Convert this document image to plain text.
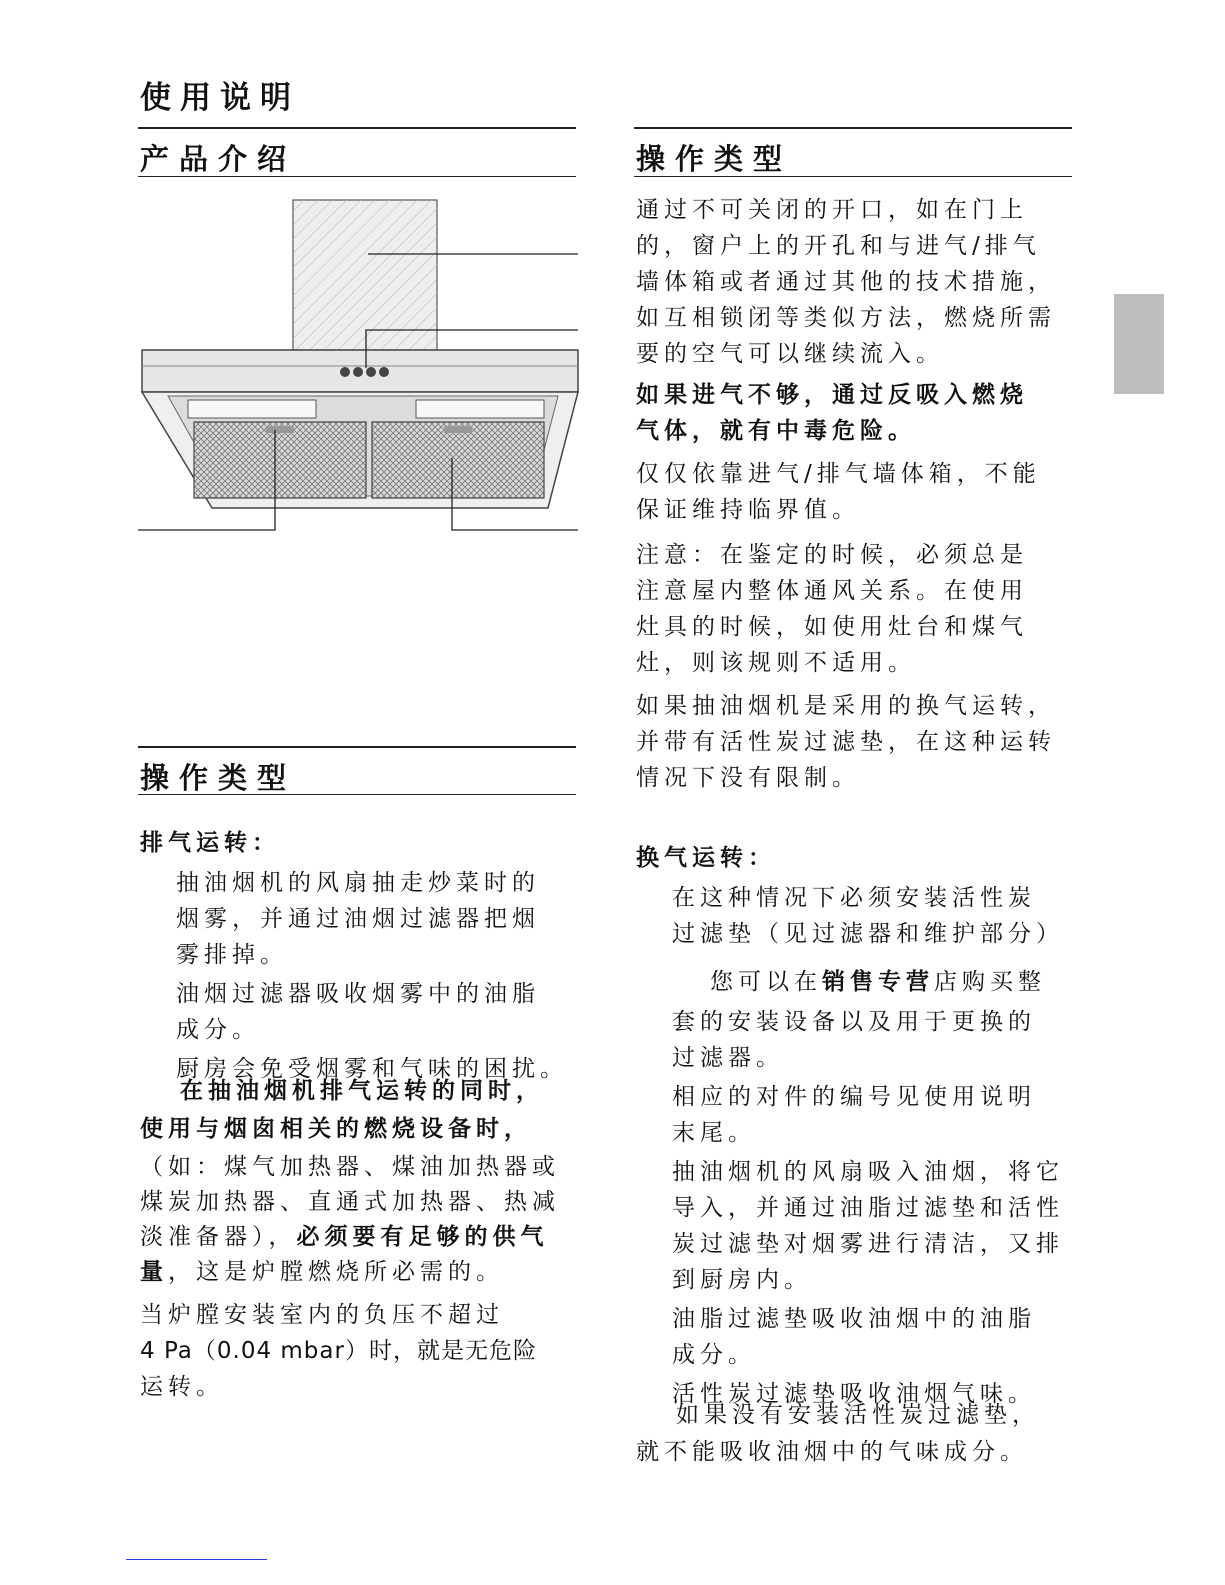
使用说明
产品介绍
操作类型
排气运转：
抽油烟机的风扇抽走炒菜时的
烟雾，并通过油烟过滤器把烟
雾排掉。
油烟过滤器吸收烟雾中的油脂
成分。
厨房会免受烟雾和气味的困扰。
在抽油烟机排气运转的同时，
使用与烟囱相关的燃烧设备时，
（如：煤气加热器、煤油加热器或
煤炭加热器、直通式加热器、热减
淡准备器），必须要有足够的供气
量，这是炉膛燃烧所必需的。
当炉膛安装室内的负压不超过
4 Pa（0.04 mbar）时，就是无危险
运转。
操作类型
通过不可关闭的开口，如在门上
的，窗户上的开孔和与进气/排气
墙体箱或者通过其他的技术措施，
如互相锁闭等类似方法，燃烧所需
要的空气可以继续流入。
如果进气不够，通过反吸入燃烧
气体，就有中毒危险。
仅仅依靠进气/排气墙体箱，不能
保证维持临界值。
注意：在鉴定的时候，必须总是
注意屋内整体通风关系。在使用
灶具的时候，如使用灶台和煤气
灶，则该规则不适用。
如果抽油烟机是采用的换气运转，
并带有活性炭过滤垫，在这种运转
情况下没有限制。
换气运转：
在这种情况下必须安装活性炭
过滤垫（见过滤器和维护部分）
您可以在销售专营店购买整
套的安装设备以及用于更换的
过滤器。
相应的对件的编号见使用说明
末尾。
抽油烟机的风扇吸入油烟，将它
导入，并通过油脂过滤垫和活性
炭过滤垫对烟雾进行清洁，又排
到厨房内。
油脂过滤垫吸收油烟中的油脂
成分。
活性炭过滤垫吸收油烟气味。
如果没有安装活性炭过滤垫，
就不能吸收油烟中的气味成分。
